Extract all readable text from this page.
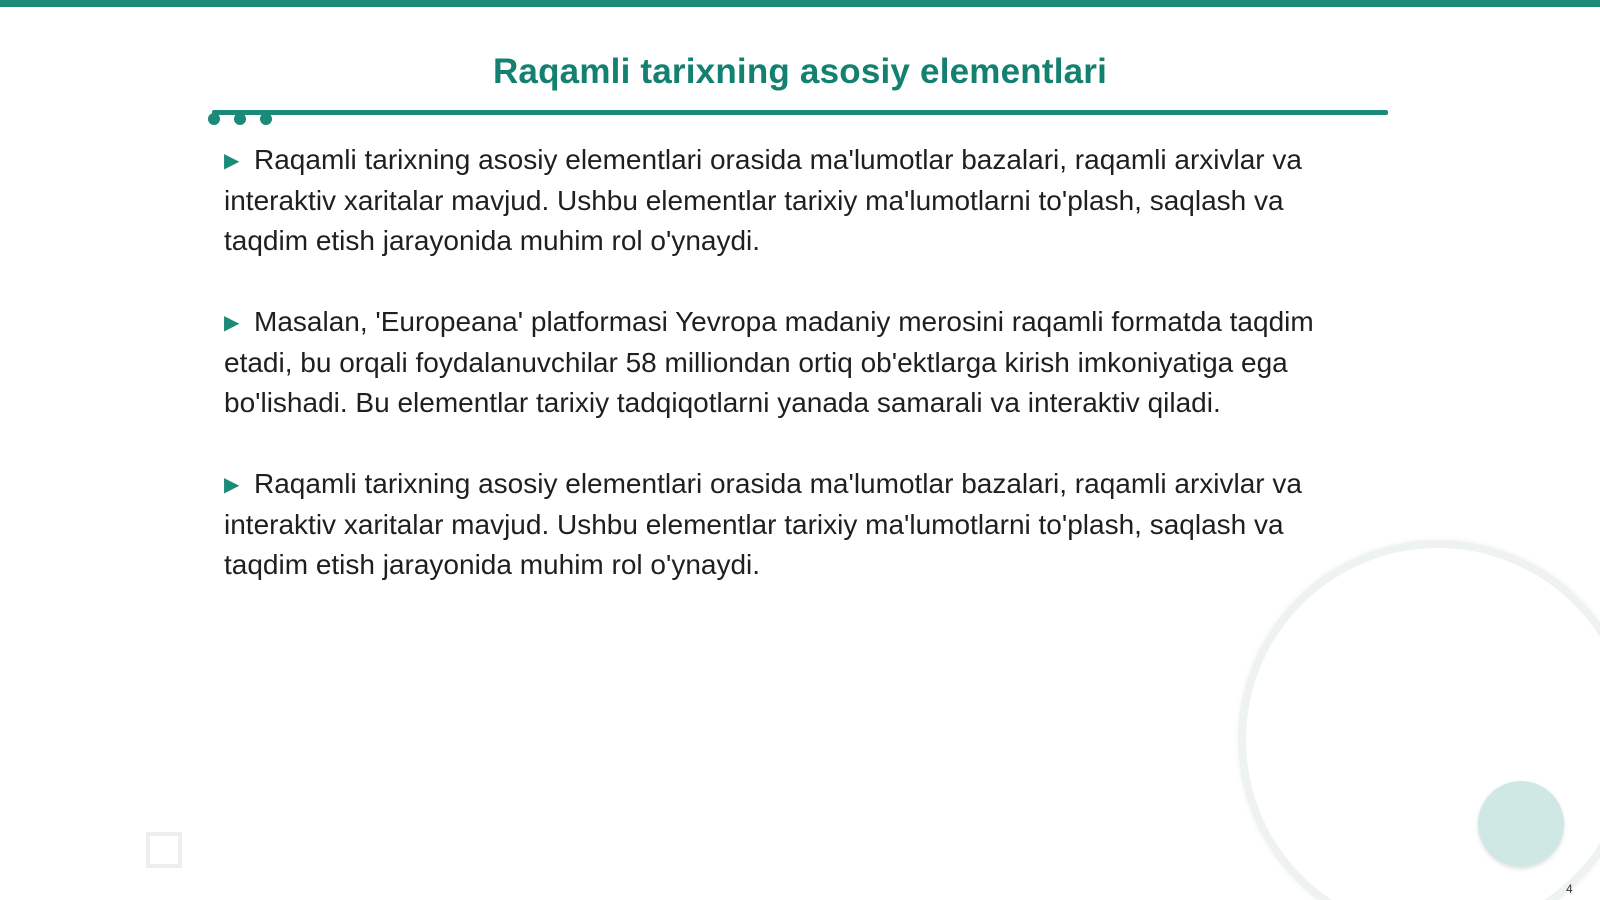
Raqamli tarixning asosiy elementlari

▶ Raqamli tarixning asosiy elementlari orasida ma'lumotlar bazalari, raqamli arxivlar va interaktiv xaritalar mavjud. Ushbu elementlar tarixiy ma'lumotlarni to'plash, saqlash va taqdim etish jarayonida muhim rol o'ynaydi.

▶ Masalan, 'Europeana' platformasi Yevropa madaniy merosini raqamli formatda taqdim etadi, bu orqali foydalanuvchilar 58 milliondan ortiq ob'ektlarga kirish imkoniyatiga ega bo'lishadi. Bu elementlar tarixiy tadqiqotlarni yanada samarali va interaktiv qiladi.

▶ Raqamli tarixning asosiy elementlari orasida ma'lumotlar bazalari, raqamli arxivlar va interaktiv xaritalar mavjud. Ushbu elementlar tarixiy ma'lumotlarni to'plash, saqlash va taqdim etish jarayonida muhim rol o'ynaydi.

4
